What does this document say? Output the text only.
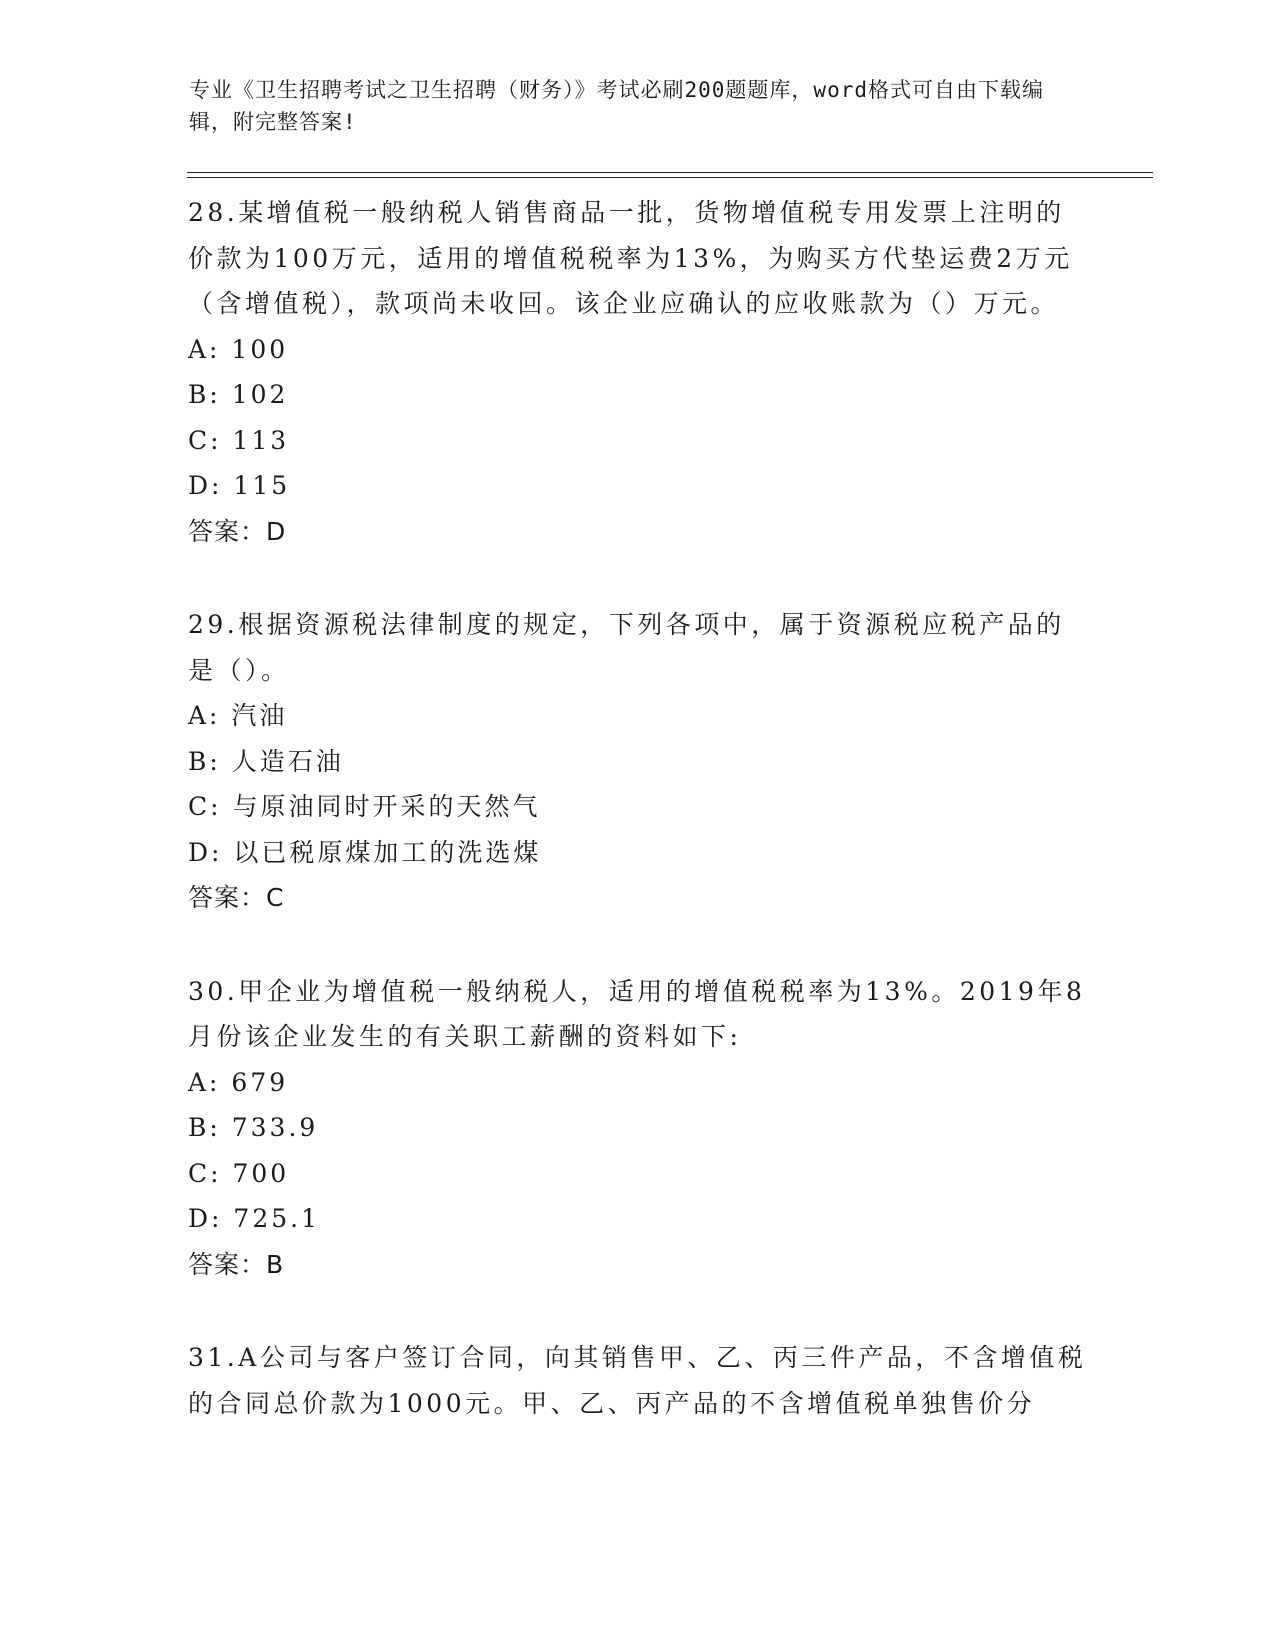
专业《卫生招聘考试之卫生招聘（财务）》考试必刷200题题库，word格式可自由下载编辑，附完整答案!

28.某增值税一般纳税人销售商品一批，货物增值税专用发票上注明的价款为100万元，适用的增值税税率为13%，为购买方代垫运费2万元（含增值税），款项尚未收回。该企业应确认的应收账款为（）万元。

A: 100

B: 102

C: 113

D: 115

答案：D

29.根据资源税法律制度的规定，下列各项中，属于资源税应税产品的是（）。

A: 汽油

B: 人造石油

C: 与原油同时开采的天然气

D: 以已税原煤加工的洗选煤

答案：C

30.甲企业为增值税一般纳税人，适用的增值税税率为13%。2019年8月份该企业发生的有关职工薪酬的资料如下:

A: 679

B: 733.9

C: 700

D: 725.1

答案：B

31.A公司与客户签订合同，向其销售甲、乙、丙三件产品，不含增值税的合同总价款为1000元。甲、乙、丙产品的不含增值税单独售价分
